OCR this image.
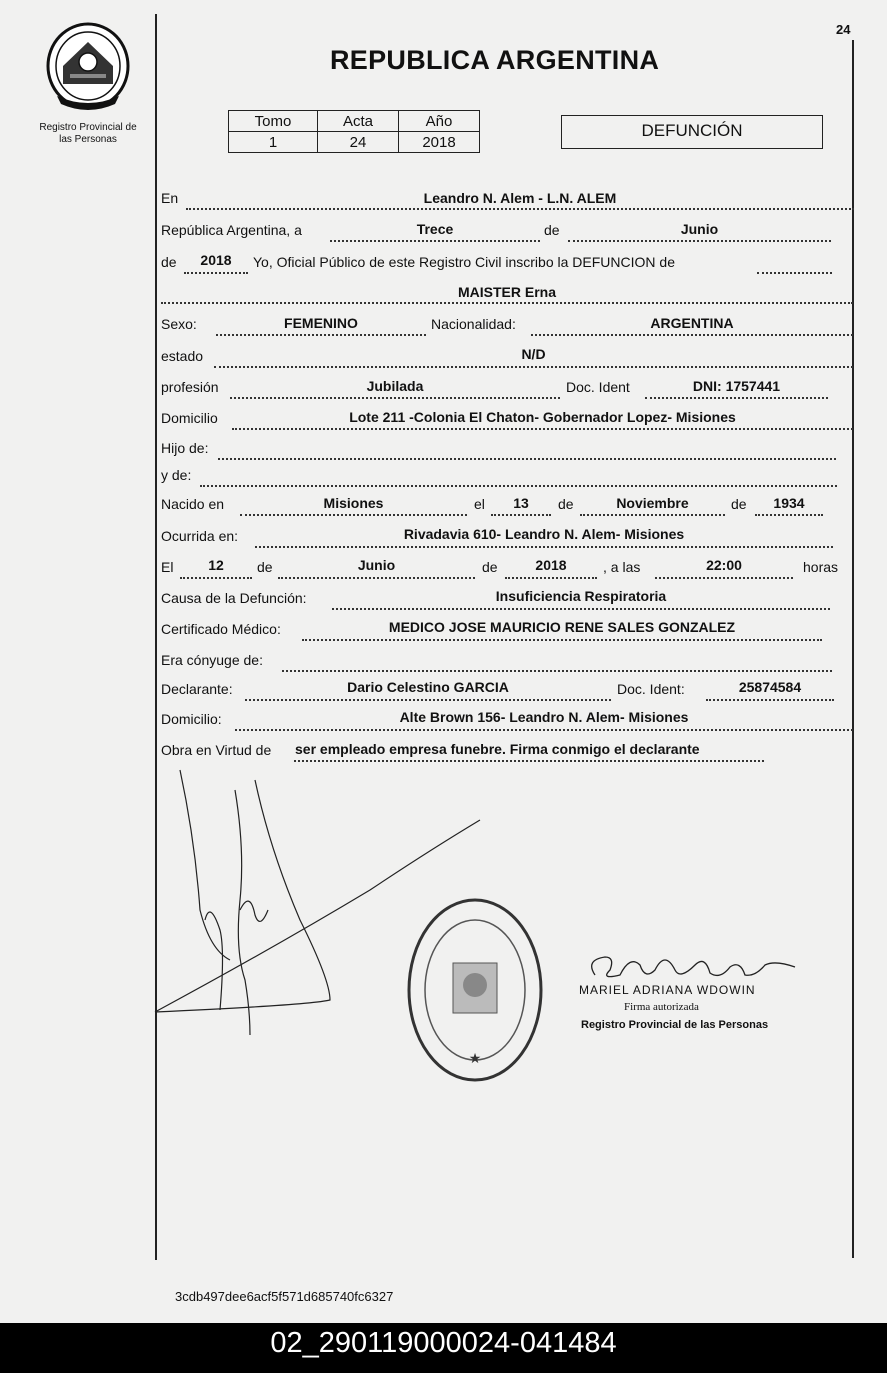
24
Registro Provincial de
las Personas
REPUBLICA ARGENTINA
Tomo	Acta	Año
1	24	2018
DEFUNCIÓN
En	Leandro N. Alem - L.N. ALEM
República Argentina, a	Trece	de	Junio
de	2018	Yo, Oficial Público de este Registro Civil inscribo la DEFUNCION de
MAISTER Erna
Sexo:	FEMENINO	Nacionalidad:	ARGENTINA
estado	N/D
profesión	Jubilada	Doc. Ident	DNI: 1757441
Domicilio	Lote 211 -Colonia El Chaton- Gobernador Lopez- Misiones
Hijo de:
y de:
Nacido en	Misiones	el	13	de	Noviembre	de	1934
Ocurrida en:	Rivadavia 610- Leandro N. Alem- Misiones
El	12	de	Junio	de	2018	, a las	22:00	horas
Causa de la Defunción:	Insuficiencia Respiratoria
Certificado Médico:	MEDICO JOSE MAURICIO RENE SALES GONZALEZ
Era cónyuge de:
Declarante:	Dario Celestino GARCIA	Doc. Ident:	25874584
Domicilio:	Alte Brown 156- Leandro N. Alem- Misiones
Obra en Virtud de ser empleado empresa funebre. Firma conmigo el declarante
★
MARIEL ADRIANA WDOWIN
Firma autorizada
Registro Provincial de las Personas
3cdb497dee6acf5f571d685740fc6327
02_290119000024-041484
